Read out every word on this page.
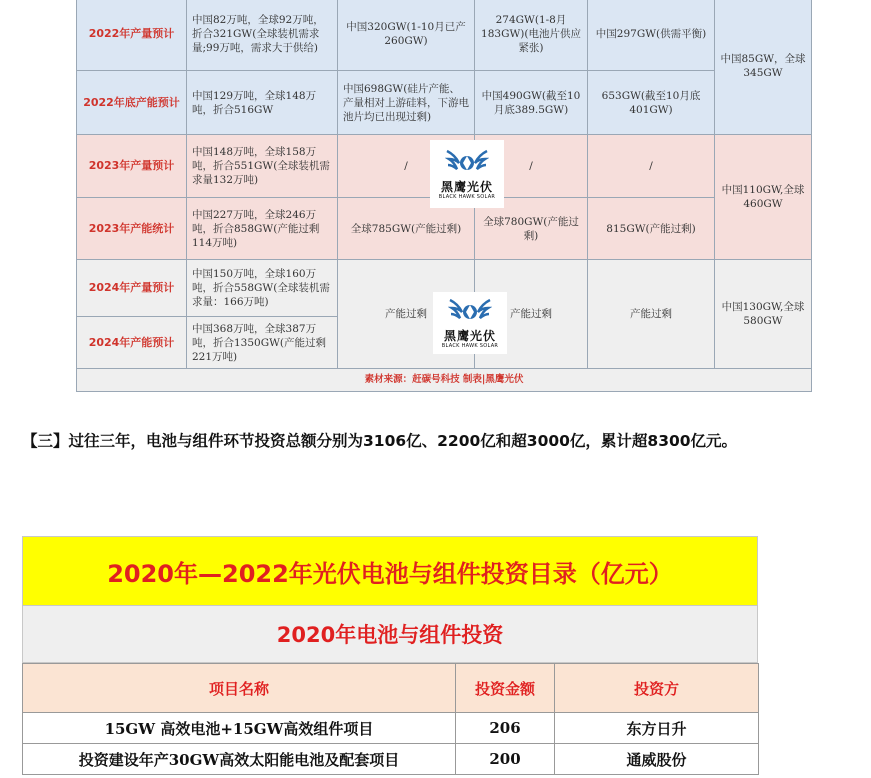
2022年产量预计	中国82万吨，全球92万吨，折合321GW(全球装机需求量;99万吨，需求大于供给)	中国320GW(1-10月已产260GW)	274GW(1-8月183GW)(电池片供应紧张)	中国297GW(供需平衡)	中国85GW，全球345GW
2022年底产能预计	中国129万吨，全球148万吨，折合516GW	中国698GW(硅片产能、产量相对上游硅料，下游电池片均已出现过剩)	中国490GW(截至10月底389.5GW)	653GW(截至10月底401GW)	
2023年产量预计	中国148万吨，全球158万吨，折合551GW(全球装机需求量132万吨)	/	/	/	中国110GW,全球460GW
2023年产能统计	中国227万吨，全球246万吨，折合858GW(产能过剩114万吨)	全球785GW(产能过剩)	全球780GW(产能过剩)	815GW(产能过剩)	
2024年产量预计	中国150万吨，全球160万吨，折合558GW(全球装机需求量：166万吨)	产能过剩	产能过剩	产能过剩	中国130GW,全球580GW
2024年产能预计	中国368万吨，全球387万吨，折合1350GW(产能过剩221万吨)				
素材来源：赶碳号科技 制表|黑鹰光伏					
黑鹰光伏
BLACK HAWK SOLAR
黑鹰光伏
BLACK HAWK SOLAR
【三】过往三年，电池与组件环节投资总额分别为3106亿、2200亿和超3000亿，累计超8300亿元。
2020年—2022年光伏电池与组件投资目录（亿元）
2020年电池与组件投资
项目名称	投资金额	投资方
15GW 高效电池+15GW高效组件项目	206	东方日升
投资建设年产30GW高效太阳能电池及配套项目	200	通威股份
